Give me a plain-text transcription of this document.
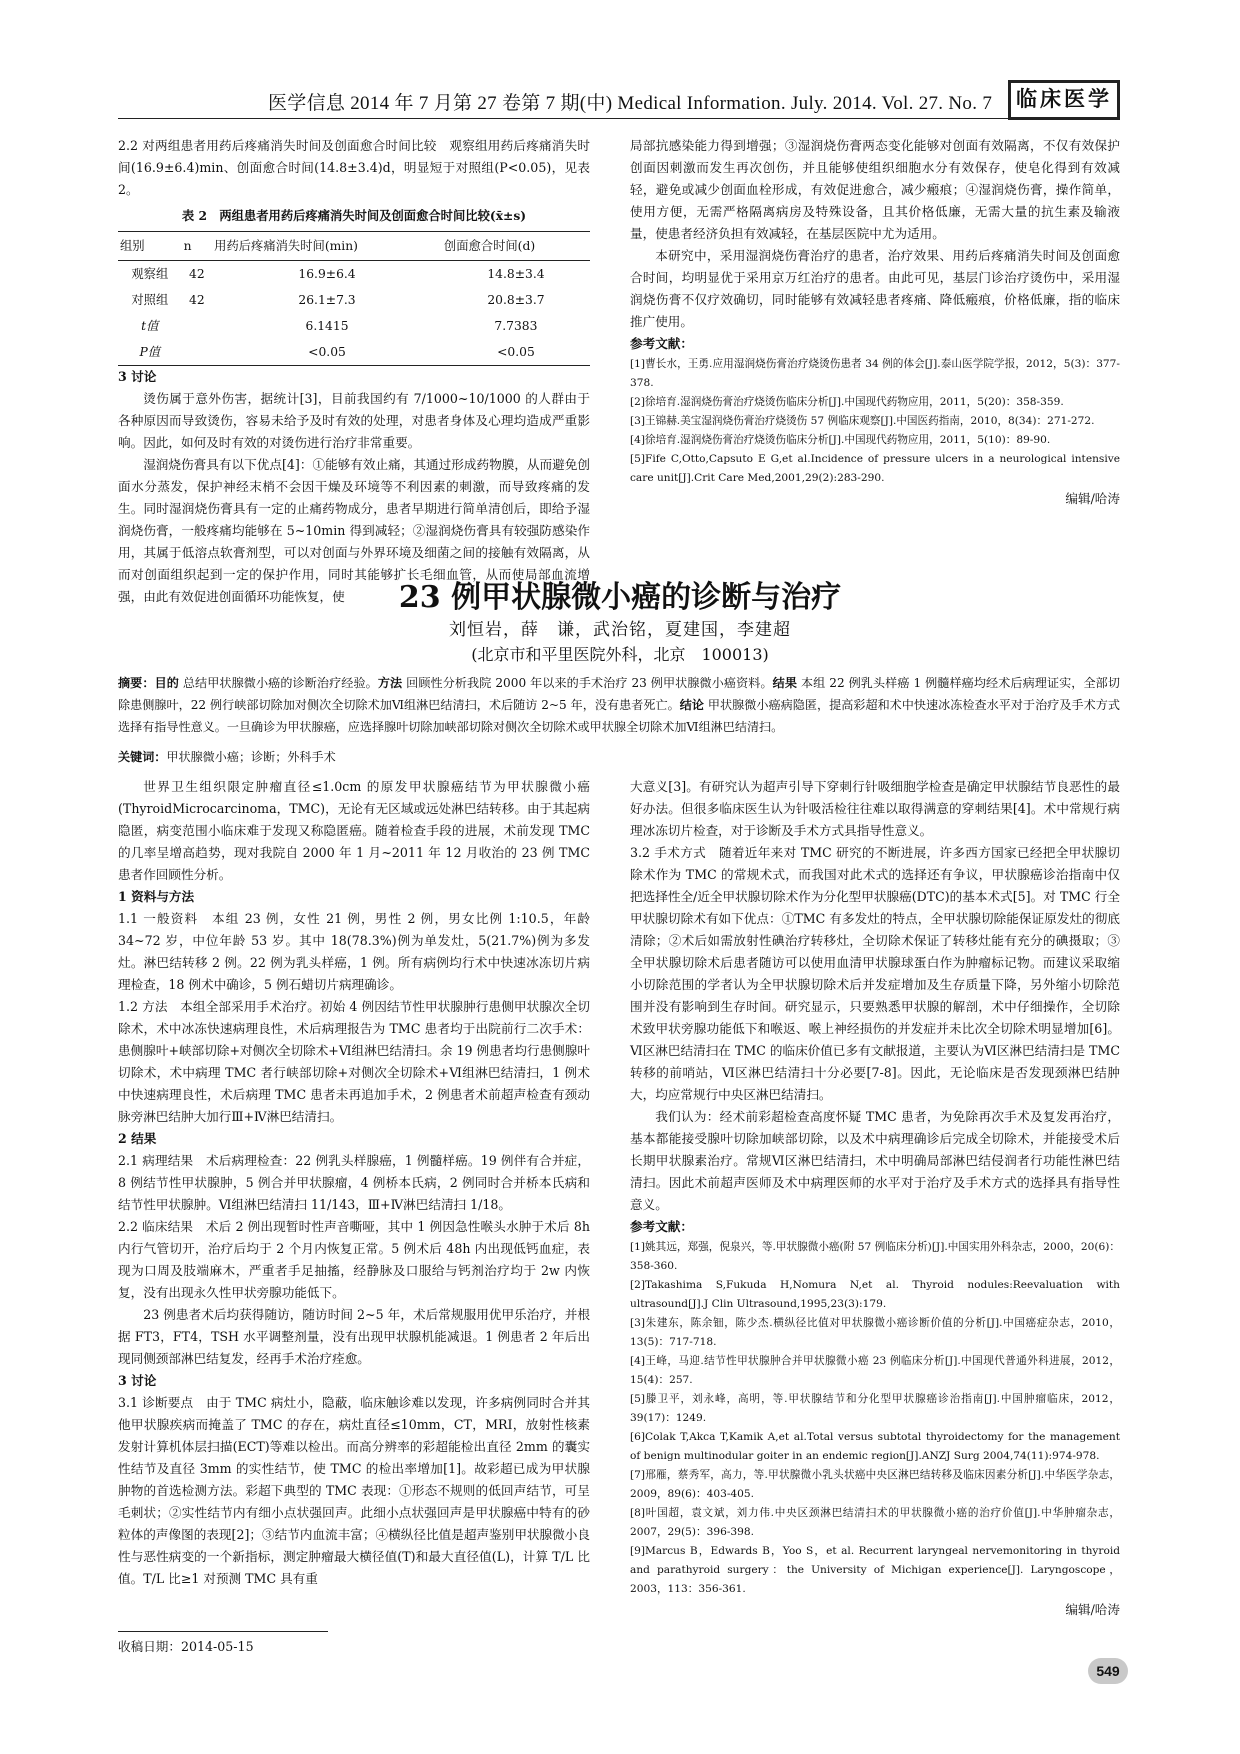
医学信息 2014 年 7 月第 27 卷第 7 期(中) Medical Information. July. 2014. Vol. 27. No. 7	临床医学

2.2 对两组患者用药后疼痛消失时间及创面愈合时间比较　观察组用药后疼痛消失时间(16.9±6.4)min、创面愈合时间(14.8±3.4)d，明显短于对照组(P<0.05)，见表 2。

表 2　两组患者用药后疼痛消失时间及创面愈合时间比较(x̄±s)
组别	n	用药后疼痛消失时间(min)	创面愈合时间(d)
观察组	42	16.9±6.4	14.8±3.4
对照组	42	26.1±7.3	20.8±3.7
t值		6.1415	7.7383
P值		<0.05	<0.05

3 讨论

烫伤属于意外伤害，据统计[3]，目前我国约有 7/1000~10/1000 的人群由于各种原因而导致烫伤，容易未给予及时有效的处理，对患者身体及心理均造成严重影响。因此，如何及时有效的对烫伤进行治疗非常重要。

湿润烧伤膏具有以下优点[4]：①能够有效止痛，其通过形成药物膜，从而避免创面水分蒸发，保护神经末梢不会因干燥及环境等不利因素的刺激，而导致疼痛的发生。同时湿润烧伤膏具有一定的止痛药物成分，患者早期进行简单清创后，即给予湿润烧伤膏，一般疼痛均能够在 5~10min 得到减轻；②湿润烧伤膏具有较强防感染作用，其属于低溶点软膏剂型，可以对创面与外界环境及细菌之间的接触有效隔离，从而对创面组织起到一定的保护作用，同时其能够扩长毛细血管，从而使局部血流增强，由此有效促进创面循环功能恢复，使

局部抗感染能力得到增强；③湿润烧伤膏两态变化能够对创面有效隔离，不仅有效保护创面因刺激而发生再次创伤，并且能够使组织细胞水分有效保存，使皂化得到有效减轻，避免或减少创面血栓形成，有效促进愈合，减少瘢痕；④湿润烧伤膏，操作简单，使用方便，无需严格隔离病房及特殊设备，且其价格低廉，无需大量的抗生素及输液量，使患者经济负担有效减轻，在基层医院中尤为适用。

本研究中，采用湿润烧伤膏治疗的患者，治疗效果、用药后疼痛消失时间及创面愈合时间，均明显优于采用京万红治疗的患者。由此可见，基层门诊治疗烫伤中，采用湿润烧伤膏不仅疗效确切，同时能够有效减轻患者疼痛、降低瘢痕，价格低廉，指的临床推广使用。

参考文献：

[1]曹长水，王勇.应用湿润烧伤膏治疗烧烫伤患者 34 例的体会[J].泰山医学院学报，2012，5(3)：377-378.
[2]徐培育.湿润烧伤膏治疗烧烫伤临床分析[J].中国现代药物应用，2011，5(20)：358-359.
[3]王锦赫.美宝湿润烧伤膏治疗烧烫伤 57 例临床观察[J].中国医药指南，2010，8(34)：271-272.
[4]徐培育.湿润烧伤膏治疗烧烫伤临床分析[J].中国现代药物应用，2011，5(10)：89-90.
[5]Fife C,Otto,Capsuto E G,et al.Incidence of pressure ulcers in a neurological intensive care unit[J].Crit Care Med,2001,29(2):283-290.
编辑/哈涛
23 例甲状腺微小癌的诊断与治疗
刘恒岩，薛　谦，武治铭，夏建国，李建超
(北京市和平里医院外科，北京　100013)
摘要：目的 总结甲状腺微小癌的诊断治疗经验。方法 回顾性分析我院 2000 年以来的手术治疗 23 例甲状腺微小癌资料。结果 本组 22 例乳头样癌 1 例髓样癌均经术后病理证实，全部切除患侧腺叶，22 例行峡部切除加对侧次全切除术加Ⅵ组淋巴结清扫，术后随访 2~5 年，没有患者死亡。结论 甲状腺微小癌病隐匿，提高彩超和术中快速冰冻检查水平对于治疗及手术方式选择有指导性意义。一旦确诊为甲状腺癌，应选择腺叶切除加峡部切除对侧次全切除术或甲状腺全切除术加Ⅵ组淋巴结清扫。
关键词：甲状腺微小癌；诊断；外科手术

世界卫生组织限定肿瘤直径≤1.0cm 的原发甲状腺癌结节为甲状腺微小癌(ThyroidMicrocarcinoma，TMC)，无论有无区域或远处淋巴结转移。由于其起病隐匿，病变范围小临床难于发现又称隐匿癌。随着检查手段的进展，术前发现 TMC 的几率呈增高趋势，现对我院自 2000 年 1 月~2011 年 12 月收治的 23 例 TMC 患者作回顾性分析。

1 资料与方法

1.1 一般资料　本组 23 例，女性 21 例，男性 2 例，男女比例 1:10.5，年龄 34~72 岁，中位年龄 53 岁。其中 18(78.3%)例为单发灶，5(21.7%)例为多发灶。淋巴结转移 2 例。22 例为乳头样癌，1 例。所有病例均行术中快速冰冻切片病理检查，18 例术中确诊，5 例石蜡切片病理确诊。

1.2 方法　本组全部采用手术治疗。初始 4 例因结节性甲状腺肿行患侧甲状腺次全切除术，术中冰冻快速病理良性，术后病理报告为 TMC 患者均于出院前行二次手术：患侧腺叶+峡部切除+对侧次全切除术+Ⅵ组淋巴结清扫。余 19 例患者均行患侧腺叶切除术，术中病理 TMC 者行峡部切除+对侧次全切除术+Ⅵ组淋巴结清扫，1 例术中快速病理良性，术后病理 TMC 患者未再追加手术，2 例患者术前超声检查有颈动脉旁淋巴结肿大加行Ⅲ+Ⅳ淋巴结清扫。

2 结果

2.1 病理结果　术后病理检查：22 例乳头样腺癌，1 例髓样癌。19 例伴有合并症，8 例结节性甲状腺肿，5 例合并甲状腺瘤，4 例桥本氏病，2 例同时合并桥本氏病和结节性甲状腺肿。Ⅵ组淋巴结清扫 11/143，Ⅲ+Ⅳ淋巴结清扫 1/18。

2.2 临床结果　术后 2 例出现暂时性声音嘶哑，其中 1 例因急性喉头水肿于术后 8h 内行气管切开，治疗后均于 2 个月内恢复正常。5 例术后 48h 内出现低钙血症，表现为口周及肢端麻木，严重者手足抽搐，经静脉及口服给与钙剂治疗均于 2w 内恢复，没有出现永久性甲状旁腺功能低下。

23 例患者术后均获得随访，随访时间 2~5 年，术后常规服用优甲乐治疗，并根据 FT3，FT4，TSH 水平调整剂量，没有出现甲状腺机能减退。1 例患者 2 年后出现同侧颈部淋巴结复发，经再手术治疗痊愈。

3 讨论

3.1 诊断要点　由于 TMC 病灶小，隐蔽，临床触诊难以发现，许多病例同时合并其他甲状腺疾病而掩盖了 TMC 的存在，病灶直径≤10mm，CT，MRI，放射性核素发射计算机体层扫描(ECT)等难以检出。而高分辨率的彩超能检出直径 2mm 的囊实性结节及直径 3mm 的实性结节，使 TMC 的检出率增加[1]。故彩超已成为甲状腺肿物的首选检测方法。彩超下典型的 TMC 表现：①形态不规则的低回声结节，可呈毛刺状；②实性结节内有细小点状强回声。此细小点状强回声是甲状腺癌中特有的砂粒体的声像图的表现[2]；③结节内血流丰富；④横纵径比值是超声鉴别甲状腺微小良性与恶性病变的一个新指标，测定肿瘤最大横径值(T)和最大直径值(L)，计算 T/L 比值。T/L 比≥1 对预测 TMC 具有重

大意义[3]。有研究认为超声引导下穿刺行针吸细胞学检查是确定甲状腺结节良恶性的最好办法。但很多临床医生认为针吸活检往往难以取得满意的穿刺结果[4]。术中常规行病理冰冻切片检查，对于诊断及手术方式具指导性意义。

3.2 手术方式　随着近年来对 TMC 研究的不断进展，许多西方国家已经把全甲状腺切除术作为 TMC 的常规术式，而我国对此术式的选择还有争议，甲状腺癌诊治指南中仅把选择性全/近全甲状腺切除术作为分化型甲状腺癌(DTC)的基本术式[5]。对 TMC 行全甲状腺切除术有如下优点：①TMC 有多发灶的特点，全甲状腺切除能保证原发灶的彻底清除；②术后如需放射性碘治疗转移灶，全切除术保证了转移灶能有充分的碘摄取；③全甲状腺切除术后患者随访可以使用血清甲状腺球蛋白作为肿瘤标记物。而建议采取缩小切除范围的学者认为全甲状腺切除术后并发症增加及生存质量下降，另外缩小切除范围并没有影响到生存时间。研究显示，只要熟悉甲状腺的解剖，术中仔细操作，全切除术致甲状旁腺功能低下和喉返、喉上神经损伤的并发症并未比次全切除术明显增加[6]。Ⅵ区淋巴结清扫在 TMC 的临床价值已多有文献报道，主要认为Ⅵ区淋巴结清扫是 TMC 转移的前哨站，Ⅵ区淋巴结清扫十分必要[7-8]。因此，无论临床是否发现颈淋巴结肿大，均应常规行中央区淋巴结清扫。

我们认为：经术前彩超检查高度怀疑 TMC 患者，为免除再次手术及复发再治疗，基本都能接受腺叶切除加峡部切除，以及术中病理确诊后完成全切除术，并能接受术后长期甲状腺素治疗。常规Ⅵ区淋巴结清扫，术中明确局部淋巴结侵润者行功能性淋巴结清扫。因此术前超声医师及术中病理医师的水平对于治疗及手术方式的选择具有指导性意义。

参考文献：

[1]姚其远，郑强，倪泉兴，等.甲状腺微小癌(附 57 例临床分析)[J].中国实用外科杂志，2000，20(6)：358-360.
[2]Takashima S,Fukuda H,Nomura N,et al. Thyroid nodules:Reevaluation with ultrasound[J].J Clin Ultrasound,1995,23(3):179.
[3]朱建东，陈余钿，陈少杰.横纵径比值对甲状腺微小癌诊断价值的分析[J].中国癌症杂志，2010，13(5)：717-718.
[4]王峰，马迎.结节性甲状腺肿合并甲状腺微小癌 23 例临床分析[J].中国现代普通外科进展，2012，15(4)：257.
[5]滕卫平，刘永峰，高明，等.甲状腺结节和分化型甲状腺癌诊治指南[J].中国肿瘤临床，2012，39(17)：1249.
[6]Colak T,Akca T,Kamik A,et al.Total versus subtotal thyroidectomy for the management of benign multinodular goiter in an endemic region[J].ANZJ Surg 2004,74(11):974-978.
[7]邢雁，蔡秀军，高力，等.甲状腺微小乳头状癌中央区淋巴结转移及临床因素分析[J].中华医学杂志，2009，89(6)：403-405.
[8]叶国超，袁文斌，刘力伟.中央区颈淋巴结清扫术的甲状腺微小癌的治疗价值[J].中华肿瘤杂志，2007，29(5)：396-398.
[9]Marcus B，Edwards B，Yoo S，et al. Recurrent laryngeal nervemonitoring in thyroid and parathyroid surgery：the University of Michigan experience[J]. Laryngoscope，2003，113：356-361.
编辑/哈涛
收稿日期：2014-05-15
549
